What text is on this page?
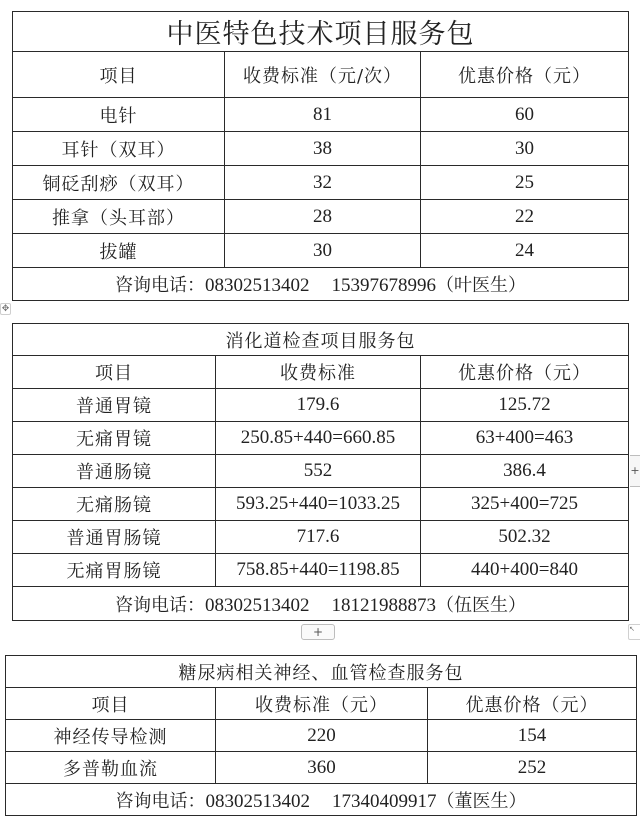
✥
中医特色技术项目服务包		
项目	收费标准（元/次）	优惠价格（元）
电针	81	60
耳针（双耳）	38	30
铜砭刮痧（双耳）	32	25
推拿（头耳部）	28	22
拔罐	30	24
咨询电话：08302513402 15397678996（叶医生）		
消化道检查项目服务包		
项目	收费标准	优惠价格（元）
普通胃镜	179.6	125.72
无痛胃镜	250.85+440=660.85	63+400=463
普通肠镜	552	386.4
无痛肠镜	593.25+440=1033.25	325+400=725
普通胃肠镜	717.6	502.32
无痛胃肠镜	758.85+440=1198.85	440+400=840
咨询电话：08302513402 18121988873（伍医生）		
+
+	↖
糖尿病相关神经、血管检查服务包		
项目	收费标准（元）	优惠价格（元）
神经传导检测	220	154
多普勒血流	360	252
咨询电话：08302513402 17340409917（董医生）		
